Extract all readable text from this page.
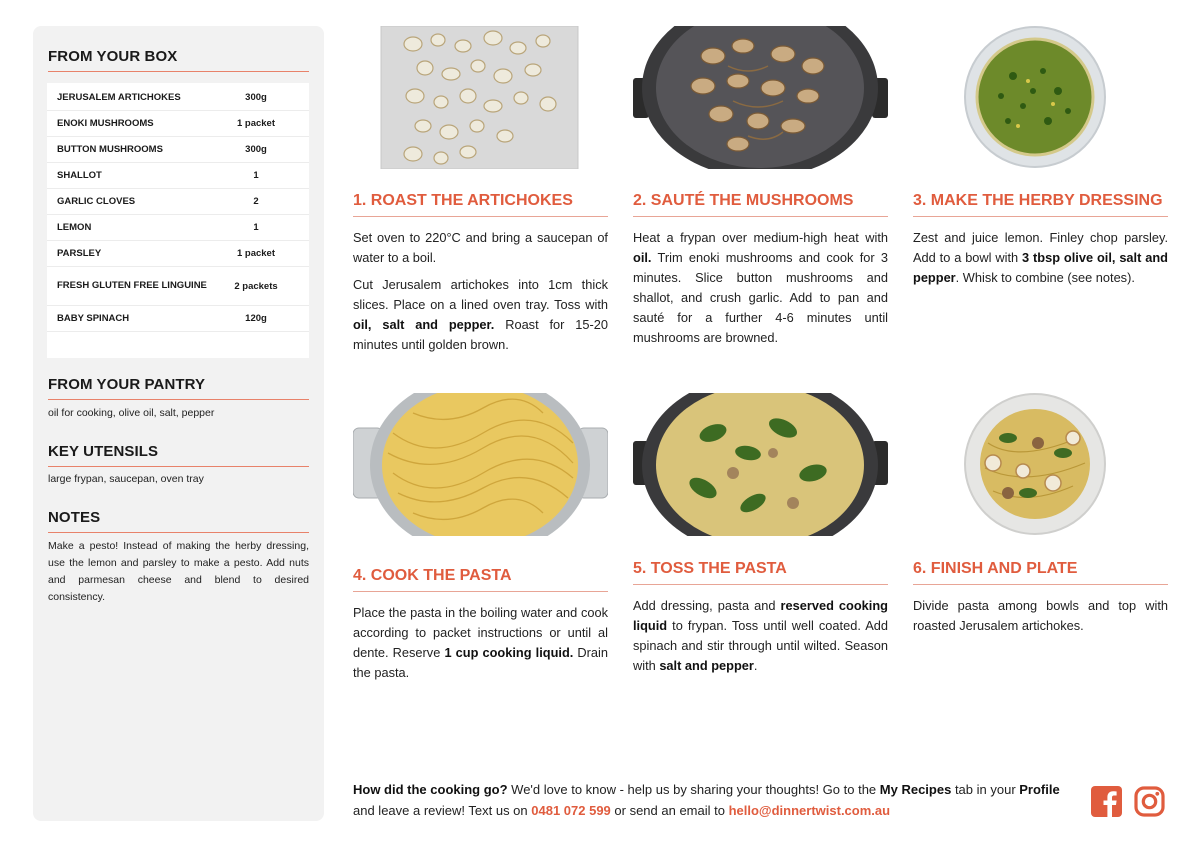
FROM YOUR BOX
JERUSALEM ARTICHOKES	300g
ENOKI MUSHROOMS	1 packet
BUTTON MUSHROOMS	300g
SHALLOT	1
GARLIC CLOVES	2
LEMON	1
PARSLEY	1 packet
FRESH GLUTEN FREE LINGUINE	2 packets
BABY SPINACH	120g
FROM YOUR PANTRY
oil for cooking, olive oil, salt, pepper
KEY UTENSILS
large frypan, saucepan, oven tray
NOTES
Make a pesto! Instead of making the herby dressing, use the lemon and parsley to make a pesto. Add nuts and parmesan cheese and blend to desired consistency.
1. ROAST THE ARTICHOKES

Set oven to 220°C and bring a saucepan of water to a boil.

Cut Jerusalem artichokes into 1cm thick slices. Place on a lined oven tray. Toss with oil, salt and pepper. Roast for 15-20 minutes until golden brown.

2. SAUTÉ THE MUSHROOMS

Heat a frypan over medium-high heat with oil. Trim enoki mushrooms and cook for 3 minutes. Slice button mushrooms and shallot, and crush garlic. Add to pan and sauté for a further 4-6 minutes until mushrooms are browned.

3. MAKE THE HERBY DRESSING

Zest and juice lemon. Finley chop parsley. Add to a bowl with 3 tbsp olive oil, salt and pepper. Whisk to combine (see notes).

4. COOK THE PASTA

Place the pasta in the boiling water and cook according to packet instructions or until al dente. Reserve 1 cup cooking liquid. Drain the pasta.

5. TOSS THE PASTA

Add dressing, pasta and reserved cooking liquid to frypan. Toss until well coated. Add spinach and stir through until wilted. Season with salt and pepper.

6. FINISH AND PLATE

Divide pasta among bowls and top with roasted Jerusalem artichokes.

How did the cooking go? We'd love to know - help us by sharing your thoughts! Go to the My Recipes tab in your Profile and leave a review! Text us on 0481 072 599 or send an email to hello@dinnertwist.com.au
